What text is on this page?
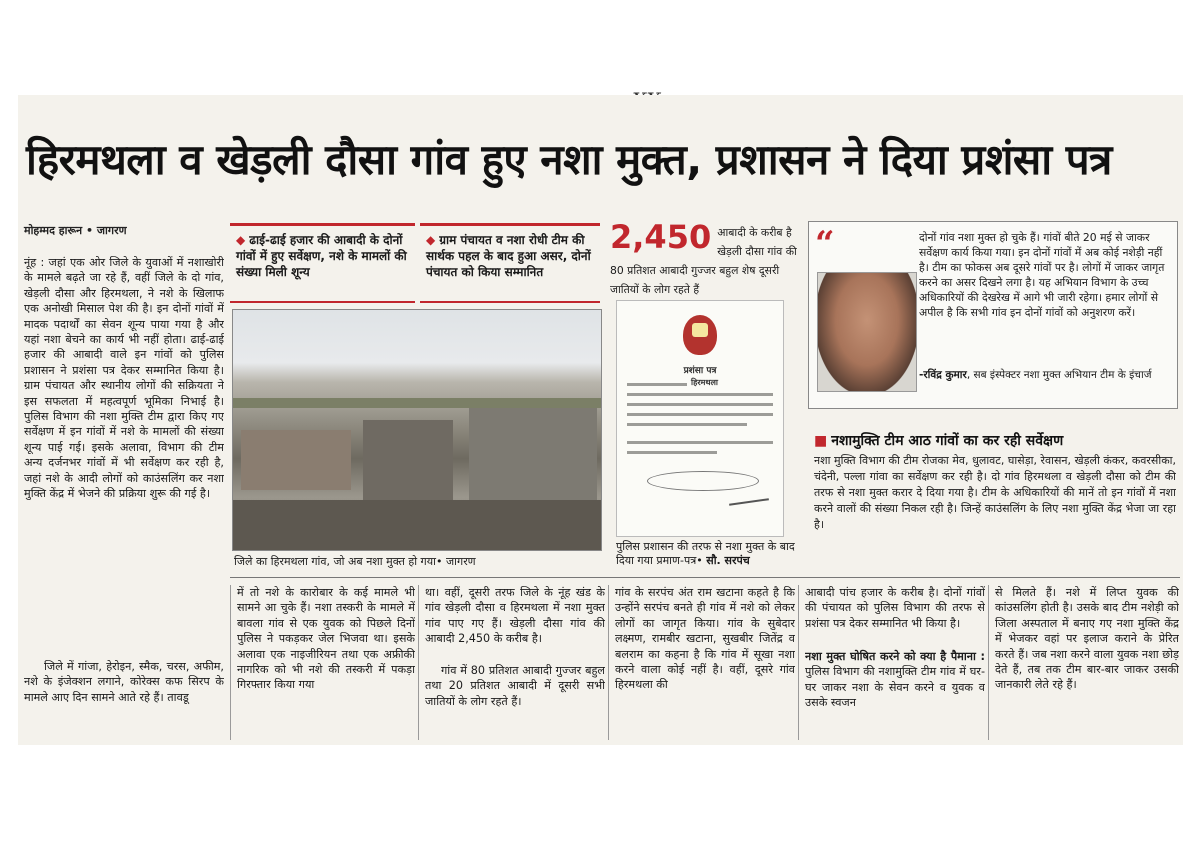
हिरमथला व खेड़ली दौसा गांव हुए नशा मुक्त, प्रशासन ने दिया प्रशंसा पत्र
मोहम्मद हारून • जागरण

नूंह : जहां एक ओर जिले के युवाओं में नशाखोरी के मामले बढ़ते जा रहे हैं, वहीं जिले के दो गांव, खेड़ली दौसा और हिरमथला, ने नशे के खिलाफ एक अनोखी मिसाल पेश की है। इन दोनों गांवों में मादक पदार्थों का सेवन शून्य पाया गया है और यहां नशा बेचने का कार्य भी नहीं होता। ढाई-ढाई हजार की आबादी वाले इन गांवों को पुलिस प्रशासन ने प्रशंसा पत्र देकर सम्मानित किया है। ग्राम पंचायत और स्थानीय लोगों की सक्रियता ने इस सफलता में महत्वपूर्ण भूमिका निभाई है। पुलिस विभाग की नशा मुक्ति टीम द्वारा किए गए सर्वेक्षण में इन गांवों में नशे के मामलों की संख्या शून्य पाई गई। इसके अलावा, विभाग की टीम अन्य दर्जनभर गांवों में भी सर्वेक्षण कर रही है, जहां नशे के आदी लोगों को काउंसलिंग कर नशा मुक्ति केंद्र में भेजने की प्रक्रिया शुरू की गई है।

जिले में गांजा, हेरोइन, स्मैक, चरस, अफीम, नशे के इंजेक्शन लगाने, कोरेक्स कफ सिरप के मामले आए दिन सामने आते रहे हैं। तावडू

◆ ढाई-ढाई हजार की आबादी के दोनों गांवों में हुए सर्वेक्षण, नशे के मामलों की संख्या मिली शून्य
◆ ग्राम पंचायत व नशा रोधी टीम की सार्थक पहल के बाद हुआ असर, दोनों पंचायत को किया सम्मानित
जिले का हिरमथला गांव, जो अब नशा मुक्त हो गया• जागरण
2,450 आबादी के करीब है खेड़ली दौसा गांव की 80 प्रतिशत आबादी गुज्जर बहुल शेष दूसरी जातियों के लोग रहते हैं
प्रशंसा पत्र
हिरमथला
पुलिस प्रशासन की तरफ से नशा मुक्त के बाद दिया गया प्रमाण-पत्र• सौ. सरपंच
“	दोनों गांव नशा मुक्त हो चुके हैं। गांवों बीते 20 मई से जाकर सर्वेक्षण कार्य किया गया। इन दोनों गांवों में अब कोई नशेड़ी नहीं है। टीम का फोकस अब दूसरे गांवों पर है। लोगों में जाकर जागृत करने का असर दिखने लगा है। यह अभियान विभाग के उच्च अधिकारियों की देखरेख में आगे भी जारी रहेगा। हमार लोगों से अपील है कि सभी गांव इन दोनों गांवों को अनुशरण करें।
-रविंद्र कुमार, सब इंस्पेक्टर नशा मुक्त अभियान टीम के इंचार्ज
■ नशामुक्ति टीम आठ गांवों का कर रही सर्वेक्षण

नशा मुक्ति विभाग की टीम रोजका मेव, धुलावट, घासेड़ा, रेवासन, खेड़ली कंकर, कवरसीका, चंदेनी, पल्ला गांवा का सर्वेक्षण कर रही है। दो गांव हिरमथला व खेड़ली दौसा को टीम की तरफ से नशा मुक्त करार दे दिया गया है। टीम के अधिकारियों की मानें तो इन गांवों में नशा करने वालों की संख्या निकल रही है। जिन्हें काउंसलिंग के लिए नशा मुक्ति केंद्र भेजा जा रहा है।

में तो नशे के कारोबार के कई मामले भी सामने आ चुके हैं। नशा तस्करी के मामले में बावला गांव से एक युवक को पिछले दिनों पुलिस ने पकड़कर जेल भिजवा था। इसके अलावा एक नाइजीरियन तथा एक अफ्रीकी नागरिक को भी नशे की तस्करी में पकड़ा गिरफ्तार किया गया

था। वहीं, दूसरी तरफ जिले के नूंह खंड के गांव खेड़ली दौसा व हिरमथला में नशा मुक्त गांव पाए गए हैं। खेड़ली दौसा गांव की आबादी 2,450 के करीब है।

गांव में 80 प्रतिशत आबादी गुज्जर बहुल तथा 20 प्रतिशत आबादी में दूसरी सभी जातियों के लोग रहते हैं।

गांव के सरपंच अंत राम खटाना कहते है कि उन्होंने सरपंच बनते ही गांव में नशे को लेकर लोगों का जागृत किया। गांव के सुबेदार लक्ष्मण, रामबीर खटाना, सुखबीर जितेंद्र व बलराम का कहना है कि गांव में सूखा नशा करने वाला कोई नहीं है। वहीं, दूसरे गांव हिरमथला की

आबादी पांच हजार के करीब है। दोनों गांवों की पंचायत को पुलिस विभाग की तरफ से प्रशंसा पत्र देकर सम्मानित भी किया है।

नशा मुक्त घोषित करने को क्या है पैमाना : पुलिस विभाग की नशामुक्ति टीम गांव में घर-घर जाकर नशा के सेवन करने व युवक व उसके स्वजन

से मिलते हैं। नशे में लिप्त युवक की कांउसलिंग होती है। उसके बाद टीम नशेड़ी को जिला अस्पताल में बनाए गए नशा मुक्ति केंद्र में भेजकर वहां पर इलाज कराने के प्रेरित करते हैं। जब नशा करने वाला युवक नशा छोड़ देते हैं, तब तक टीम बार-बार जाकर उसकी जानकारी लेते रहे हैं।
